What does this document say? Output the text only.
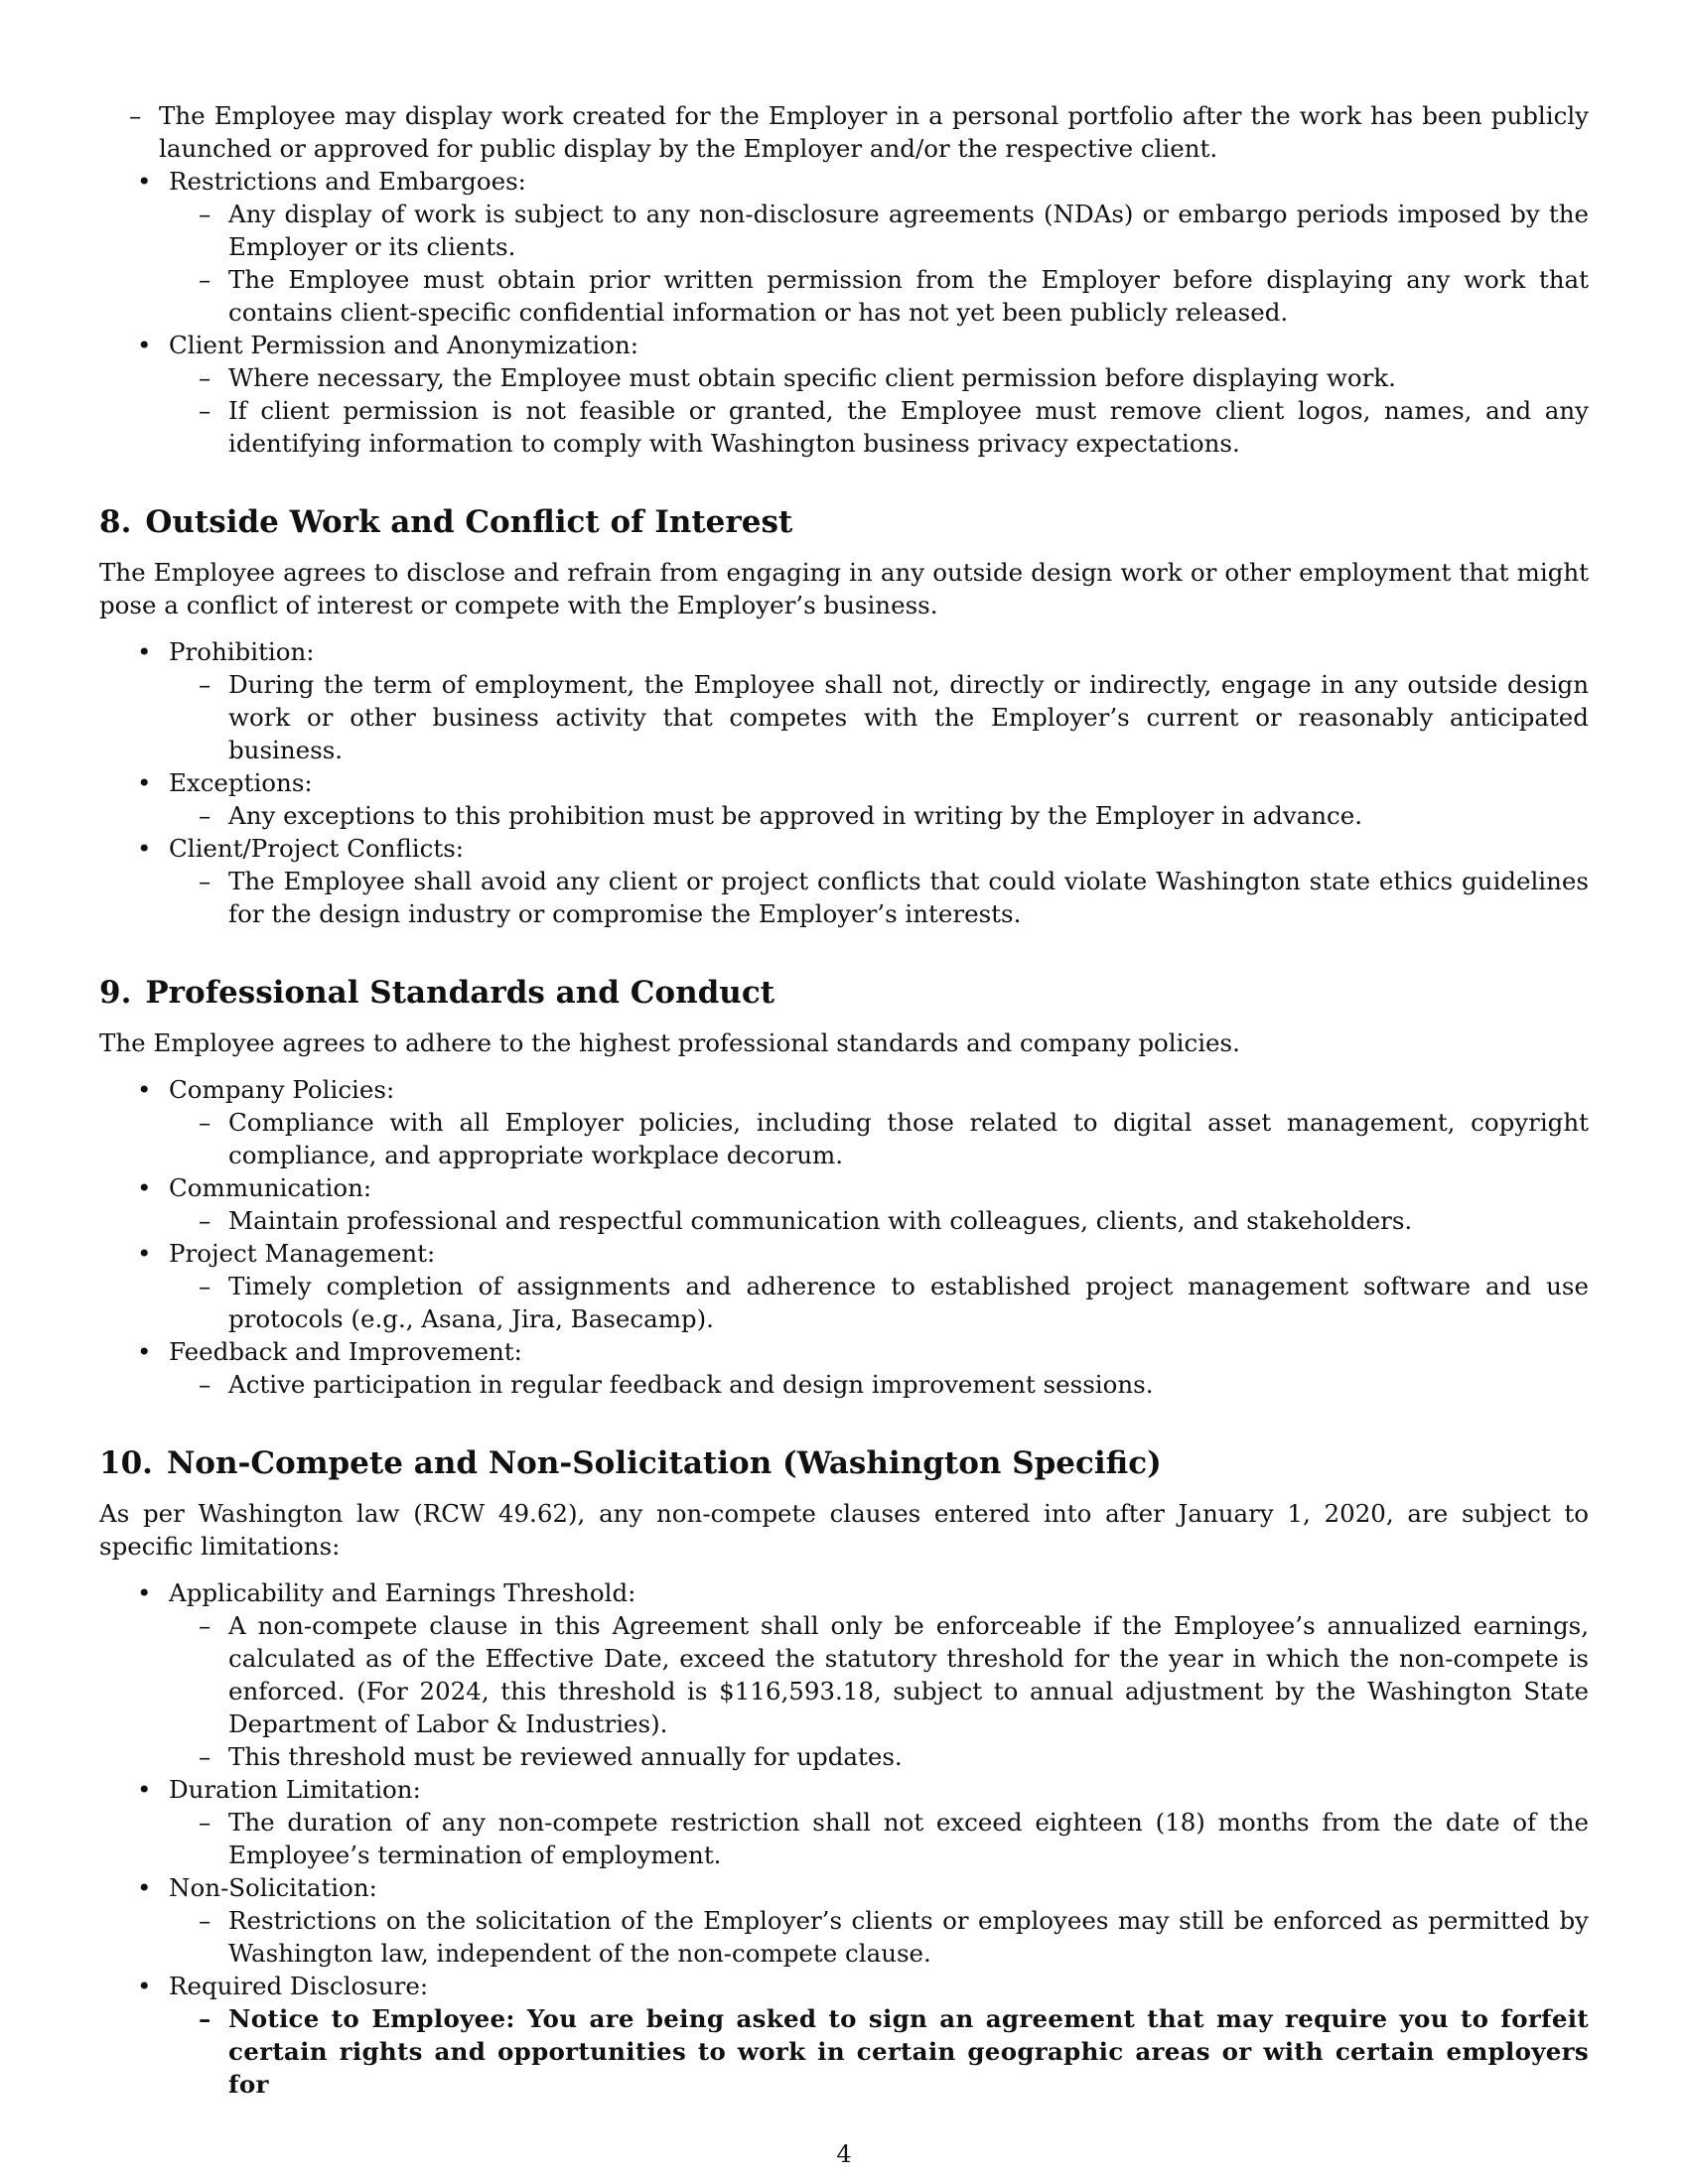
– The Employee may display work created for the Employer in a personal portfolio after the work has been publicly launched or approved for public display by the Employer and/or the respective client.
• Restrictions and Embargoes:
– Any display of work is subject to any non-disclosure agreements (NDAs) or embargo periods imposed by the Employer or its clients.
– The Employee must obtain prior written permission from the Employer before displaying any work that contains client-specific confidential information or has not yet been publicly released.
• Client Permission and Anonymization:
– Where necessary, the Employee must obtain specific client permission before displaying work.
– If client permission is not feasible or granted, the Employee must remove client logos, names, and any identifying information to comply with Washington business privacy expectations.
8. Outside Work and Conflict of Interest

The Employee agrees to disclose and refrain from engaging in any outside design work or other employment that might pose a conflict of interest or compete with the Employer’s business.

• Prohibition:
– During the term of employment, the Employee shall not, directly or indirectly, engage in any outside design work or other business activity that competes with the Employer’s current or reasonably anticipated business.
• Exceptions:
– Any exceptions to this prohibition must be approved in writing by the Employer in advance.
• Client/Project Conflicts:
– The Employee shall avoid any client or project conflicts that could violate Washington state ethics guidelines for the design industry or compromise the Employer’s interests.
9. Professional Standards and Conduct

The Employee agrees to adhere to the highest professional standards and company policies.

• Company Policies:
– Compliance with all Employer policies, including those related to digital asset management, copyright compliance, and appropriate workplace decorum.
• Communication:
– Maintain professional and respectful communication with colleagues, clients, and stakeholders.
• Project Management:
– Timely completion of assignments and adherence to established project management software and use protocols (e.g., Asana, Jira, Basecamp).
• Feedback and Improvement:
– Active participation in regular feedback and design improvement sessions.
10. Non-Compete and Non-Solicitation (Washington Specific)

As per Washington law (RCW 49.62), any non-compete clauses entered into after January 1, 2020, are subject to specific limitations:

• Applicability and Earnings Threshold:
– A non-compete clause in this Agreement shall only be enforceable if the Employee’s annualized earnings, calculated as of the Effective Date, exceed the statutory threshold for the year in which the non-compete is enforced. (For 2024, this threshold is $116,593.18, subject to annual adjustment by the Washington State Department of Labor & Industries).
– This threshold must be reviewed annually for updates.
• Duration Limitation:
– The duration of any non-compete restriction shall not exceed eighteen (18) months from the date of the Employee’s termination of employment.
• Non-Solicitation:
– Restrictions on the solicitation of the Employer’s clients or employees may still be enforced as permitted by Washington law, independent of the non-compete clause.
• Required Disclosure:
– Notice to Employee: You are being asked to sign an agreement that may require you to forfeit certain rights and opportunities to work in certain geographic areas or with certain employers for
4
